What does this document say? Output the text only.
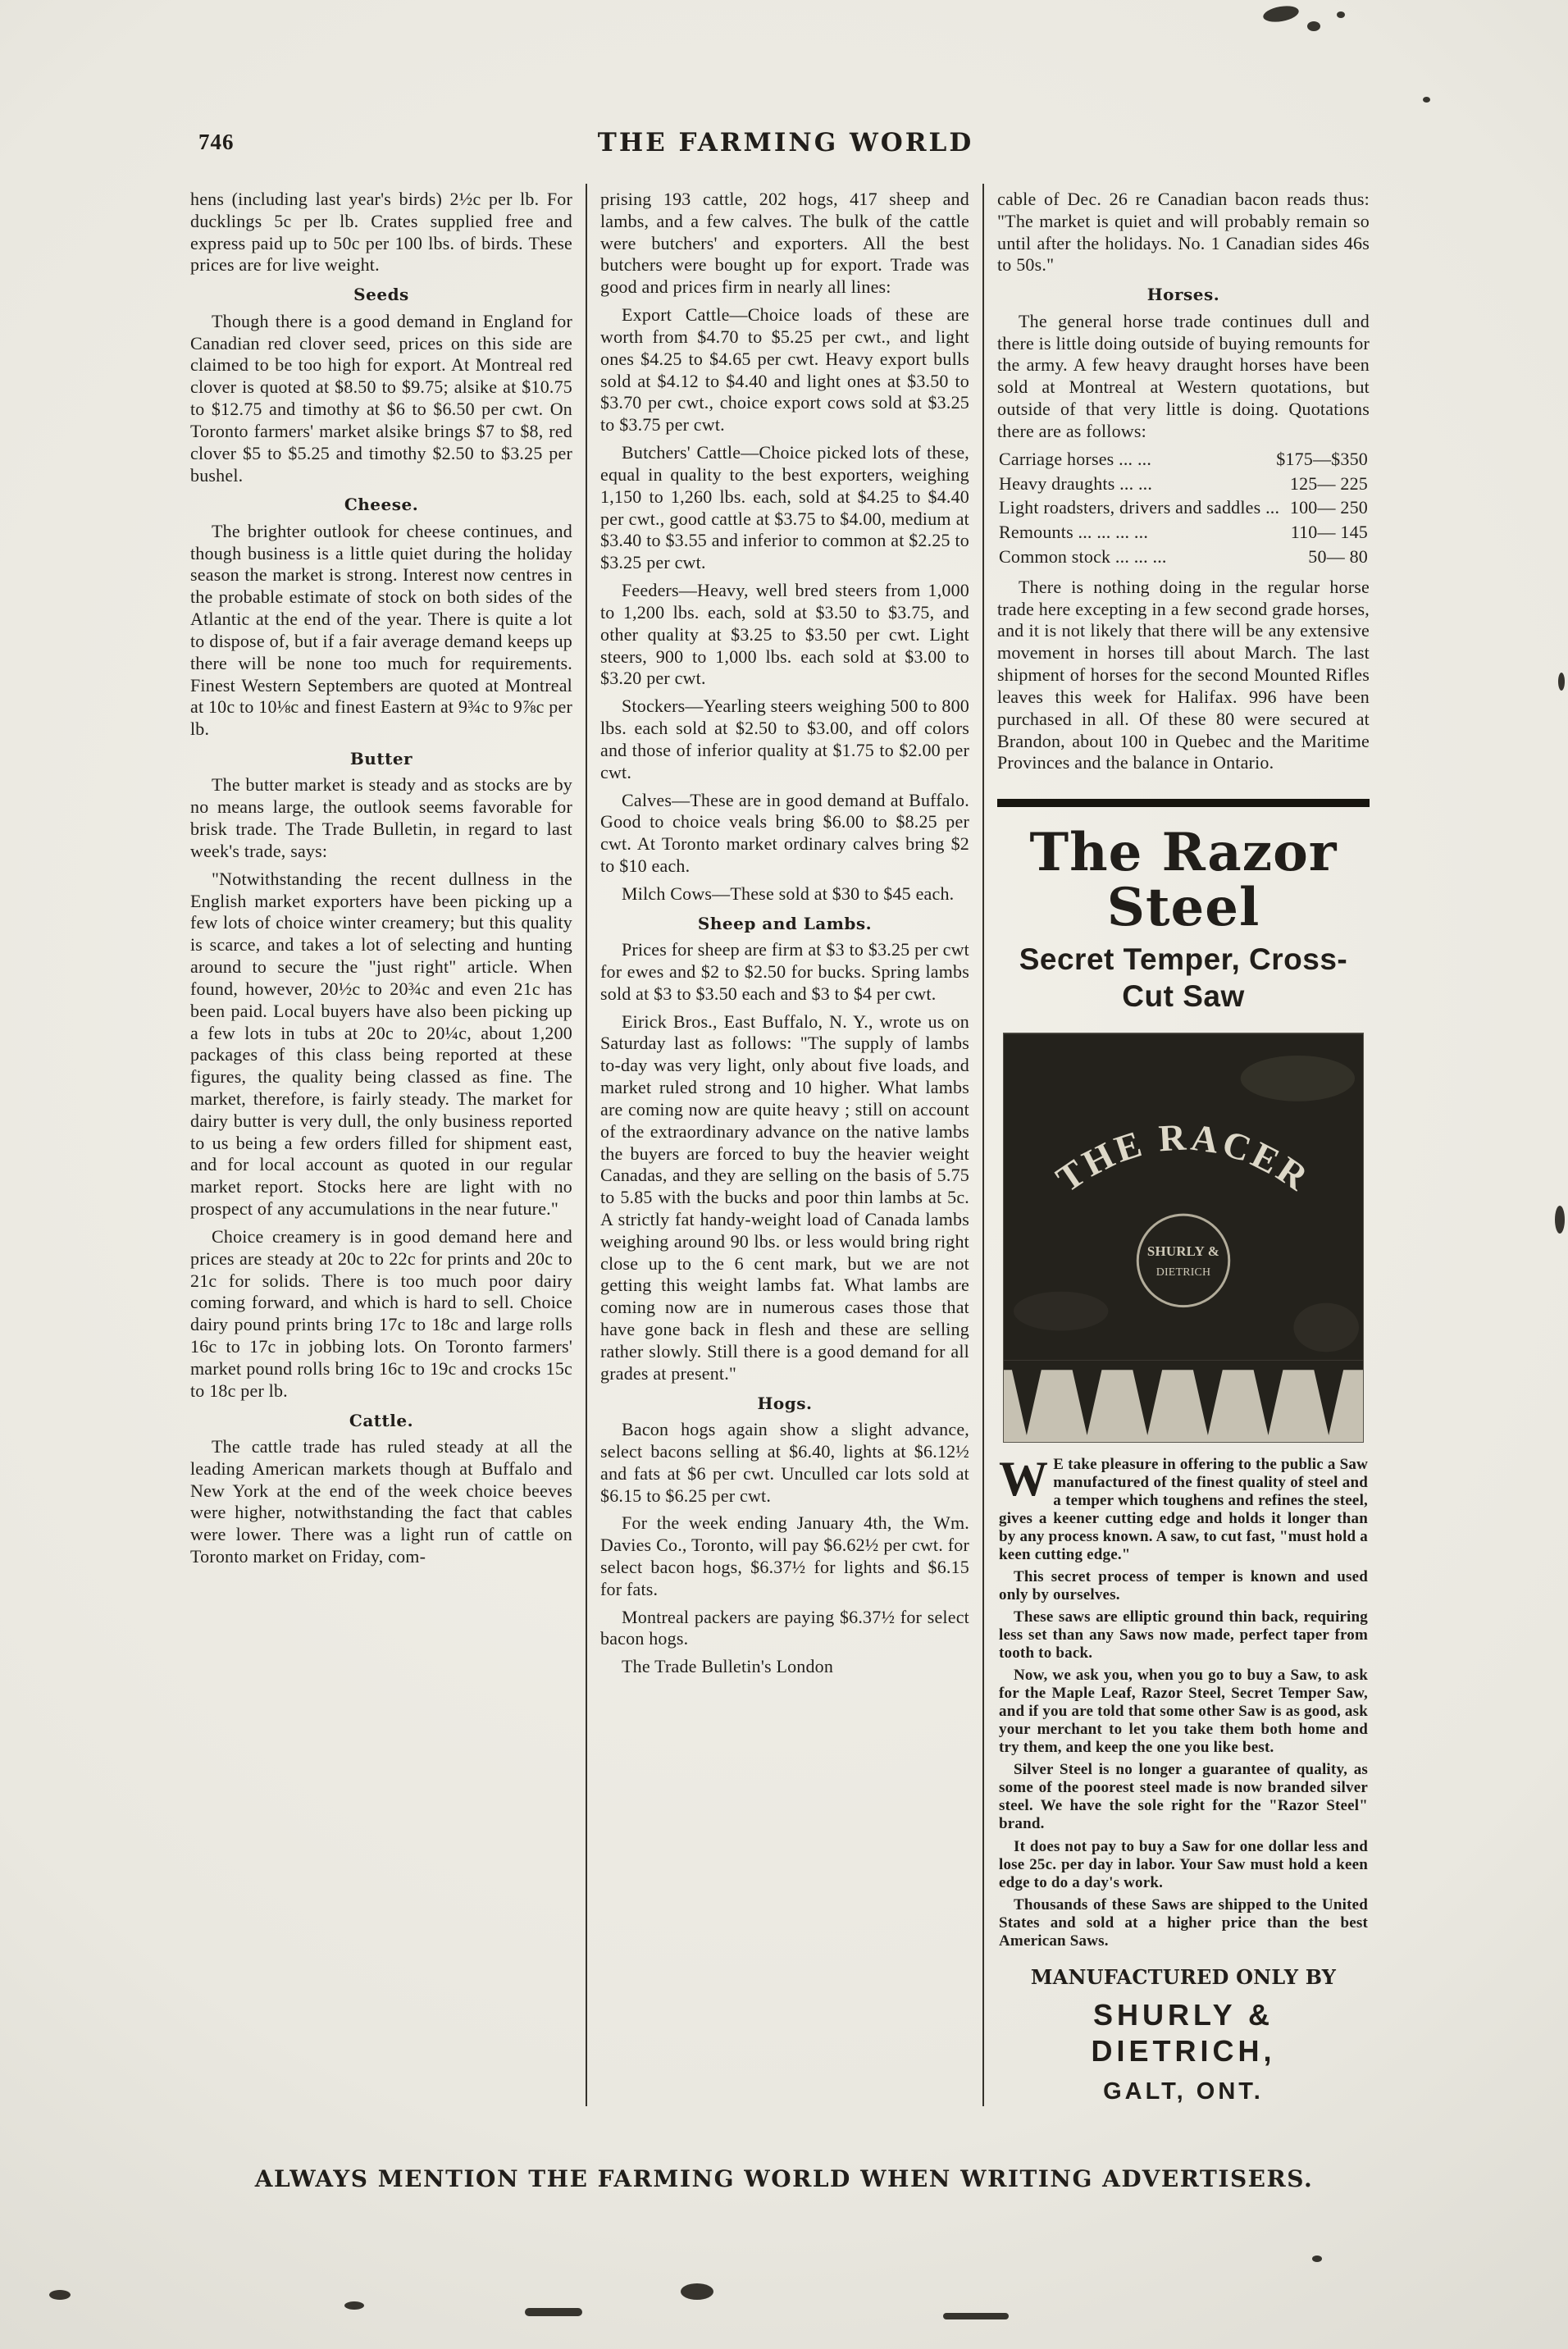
746	THE FARMING WORLD

hens (including last year's birds) 2½c per lb. For ducklings 5c per lb. Crates supplied free and express paid up to 50c per 100 lbs. of birds. These prices are for live weight.

Seeds

Though there is a good demand in England for Canadian red clover seed, prices on this side are claimed to be too high for export. At Montreal red clover is quoted at $8.50 to $9.75; alsike at $10.75 to $12.75 and timothy at $6 to $6.50 per cwt. On Toronto farmers' market alsike brings $7 to $8, red clover $5 to $5.25 and timothy $2.50 to $3.25 per bushel.

Cheese.

The brighter outlook for cheese continues, and though business is a little quiet during the holiday season the market is strong. Interest now centres in the probable estimate of stock on both sides of the Atlantic at the end of the year. There is quite a lot to dispose of, but if a fair average demand keeps up there will be none too much for requirements. Finest Western Septembers are quoted at Montreal at 10c to 10⅛c and finest Eastern at 9¾c to 9⅞c per lb.

Butter

The butter market is steady and as stocks are by no means large, the outlook seems favorable for brisk trade. The Trade Bulletin, in regard to last week's trade, says:

"Notwithstanding the recent dullness in the English market exporters have been picking up a few lots of choice winter creamery; but this quality is scarce, and takes a lot of selecting and hunting around to secure the "just right" article. When found, however, 20½c to 20¾c and even 21c has been paid. Local buyers have also been picking up a few lots in tubs at 20c to 20¼c, about 1,200 packages of this class being reported at these figures, the quality being classed as fine. The market, therefore, is fairly steady. The market for dairy butter is very dull, the only business reported to us being a few orders filled for shipment east, and for local account as quoted in our regular market report. Stocks here are light with no prospect of any accumulations in the near future."

Choice creamery is in good demand here and prices are steady at 20c to 22c for prints and 20c to 21c for solids. There is too much poor dairy coming forward, and which is hard to sell. Choice dairy pound prints bring 17c to 18c and large rolls 16c to 17c in jobbing lots. On Toronto farmers' market pound rolls bring 16c to 19c and crocks 15c to 18c per lb.

Cattle.

The cattle trade has ruled steady at all the leading American markets though at Buffalo and New York at the end of the week choice beeves were higher, notwithstanding the fact that cables were lower. There was a light run of cattle on Toronto market on Friday, com-

prising 193 cattle, 202 hogs, 417 sheep and lambs, and a few calves. The bulk of the cattle were butchers' and exporters. All the best butchers were bought up for export. Trade was good and prices firm in nearly all lines:

Export Cattle—Choice loads of these are worth from $4.70 to $5.25 per cwt., and light ones $4.25 to $4.65 per cwt. Heavy export bulls sold at $4.12 to $4.40 and light ones at $3.50 to $3.70 per cwt., choice export cows sold at $3.25 to $3.75 per cwt.

Butchers' Cattle—Choice picked lots of these, equal in quality to the best exporters, weighing 1,150 to 1,260 lbs. each, sold at $4.25 to $4.40 per cwt., good cattle at $3.75 to $4.00, medium at $3.40 to $3.55 and inferior to common at $2.25 to $3.25 per cwt.

Feeders—Heavy, well bred steers from 1,000 to 1,200 lbs. each, sold at $3.50 to $3.75, and other quality at $3.25 to $3.50 per cwt. Light steers, 900 to 1,000 lbs. each sold at $3.00 to $3.20 per cwt.

Stockers—Yearling steers weighing 500 to 800 lbs. each sold at $2.50 to $3.00, and off colors and those of inferior quality at $1.75 to $2.00 per cwt.

Calves—These are in good demand at Buffalo. Good to choice veals bring $6.00 to $8.25 per cwt. At Toronto market ordinary calves bring $2 to $10 each.

Milch Cows—These sold at $30 to $45 each.

Sheep and Lambs.

Prices for sheep are firm at $3 to $3.25 per cwt for ewes and $2 to $2.50 for bucks. Spring lambs sold at $3 to $3.50 each and $3 to $4 per cwt.

Eirick Bros., East Buffalo, N. Y., wrote us on Saturday last as follows: "The supply of lambs to-day was very light, only about five loads, and market ruled strong and 10 higher. What lambs are coming now are quite heavy ; still on account of the extraordinary advance on the native lambs the buyers are forced to buy the heavier weight Canadas, and they are selling on the basis of 5.75 to 5.85 with the bucks and poor thin lambs at 5c. A strictly fat handy-weight load of Canada lambs weighing around 90 lbs. or less would bring right close up to the 6 cent mark, but we are not getting this weight lambs fat. What lambs are coming now are in numerous cases those that have gone back in flesh and these are selling rather slowly. Still there is a good demand for all grades at present."

Hogs.

Bacon hogs again show a slight advance, select bacons selling at $6.40, lights at $6.12½ and fats at $6 per cwt. Unculled car lots sold at $6.15 to $6.25 per cwt.

For the week ending January 4th, the Wm. Davies Co., Toronto, will pay $6.62½ per cwt. for select bacon hogs, $6.37½ for lights and $6.15 for fats.

Montreal packers are paying $6.37½ for select bacon hogs.

The Trade Bulletin's London

cable of Dec. 26 re Canadian bacon reads thus: "The market is quiet and will probably remain so until after the holidays. No. 1 Canadian sides 46s to 50s."

Horses.

The general horse trade continues dull and there is little doing outside of buying remounts for the army. A few heavy draught horses have been sold at Montreal at Western quotations, but outside of that very little is doing. Quotations there are as follows:

Carriage horses ... ...	$175—$350
Heavy draughts ... ...	125— 225
Light roadsters, drivers and saddles ... 100— 250
Remounts ... ... ... ...	110— 145
Common stock ... ... ...	50— 80

There is nothing doing in the regular horse trade here excepting in a few second grade horses, and it is not likely that there will be any extensive movement in horses till about March. The last shipment of horses for the second Mounted Rifles leaves this week for Halifax. 996 have been purchased in all. Of these 80 were secured at Brandon, about 100 in Quebec and the Maritime Provinces and the balance in Ontario.

The Razor Steel
Secret Temper, Cross-Cut Saw
THE RACER
SHURLY &
DIETRICH

WE take pleasure in offering to the public a Saw manufactured of the finest quality of steel and a temper which toughens and refines the steel, gives a keener cutting edge and holds it longer than by any process known. A saw, to cut fast, "must hold a keen cutting edge."

This secret process of temper is known and used only by ourselves.

These saws are elliptic ground thin back, requiring less set than any Saws now made, perfect taper from tooth to back.

Now, we ask you, when you go to buy a Saw, to ask for the Maple Leaf, Razor Steel, Secret Temper Saw, and if you are told that some other Saw is as good, ask your merchant to let you take them both home and try them, and keep the one you like best.

Silver Steel is no longer a guarantee of quality, as some of the poorest steel made is now branded silver steel. We have the sole right for the "Razor Steel" brand.

It does not pay to buy a Saw for one dollar less and lose 25c. per day in labor. Your Saw must hold a keen edge to do a day's work.

Thousands of these Saws are shipped to the United States and sold at a higher price than the best American Saws.

MANUFACTURED ONLY BY
SHURLY & DIETRICH,
GALT, ONT.
ALWAYS MENTION THE FARMING WORLD WHEN WRITING ADVERTISERS.
